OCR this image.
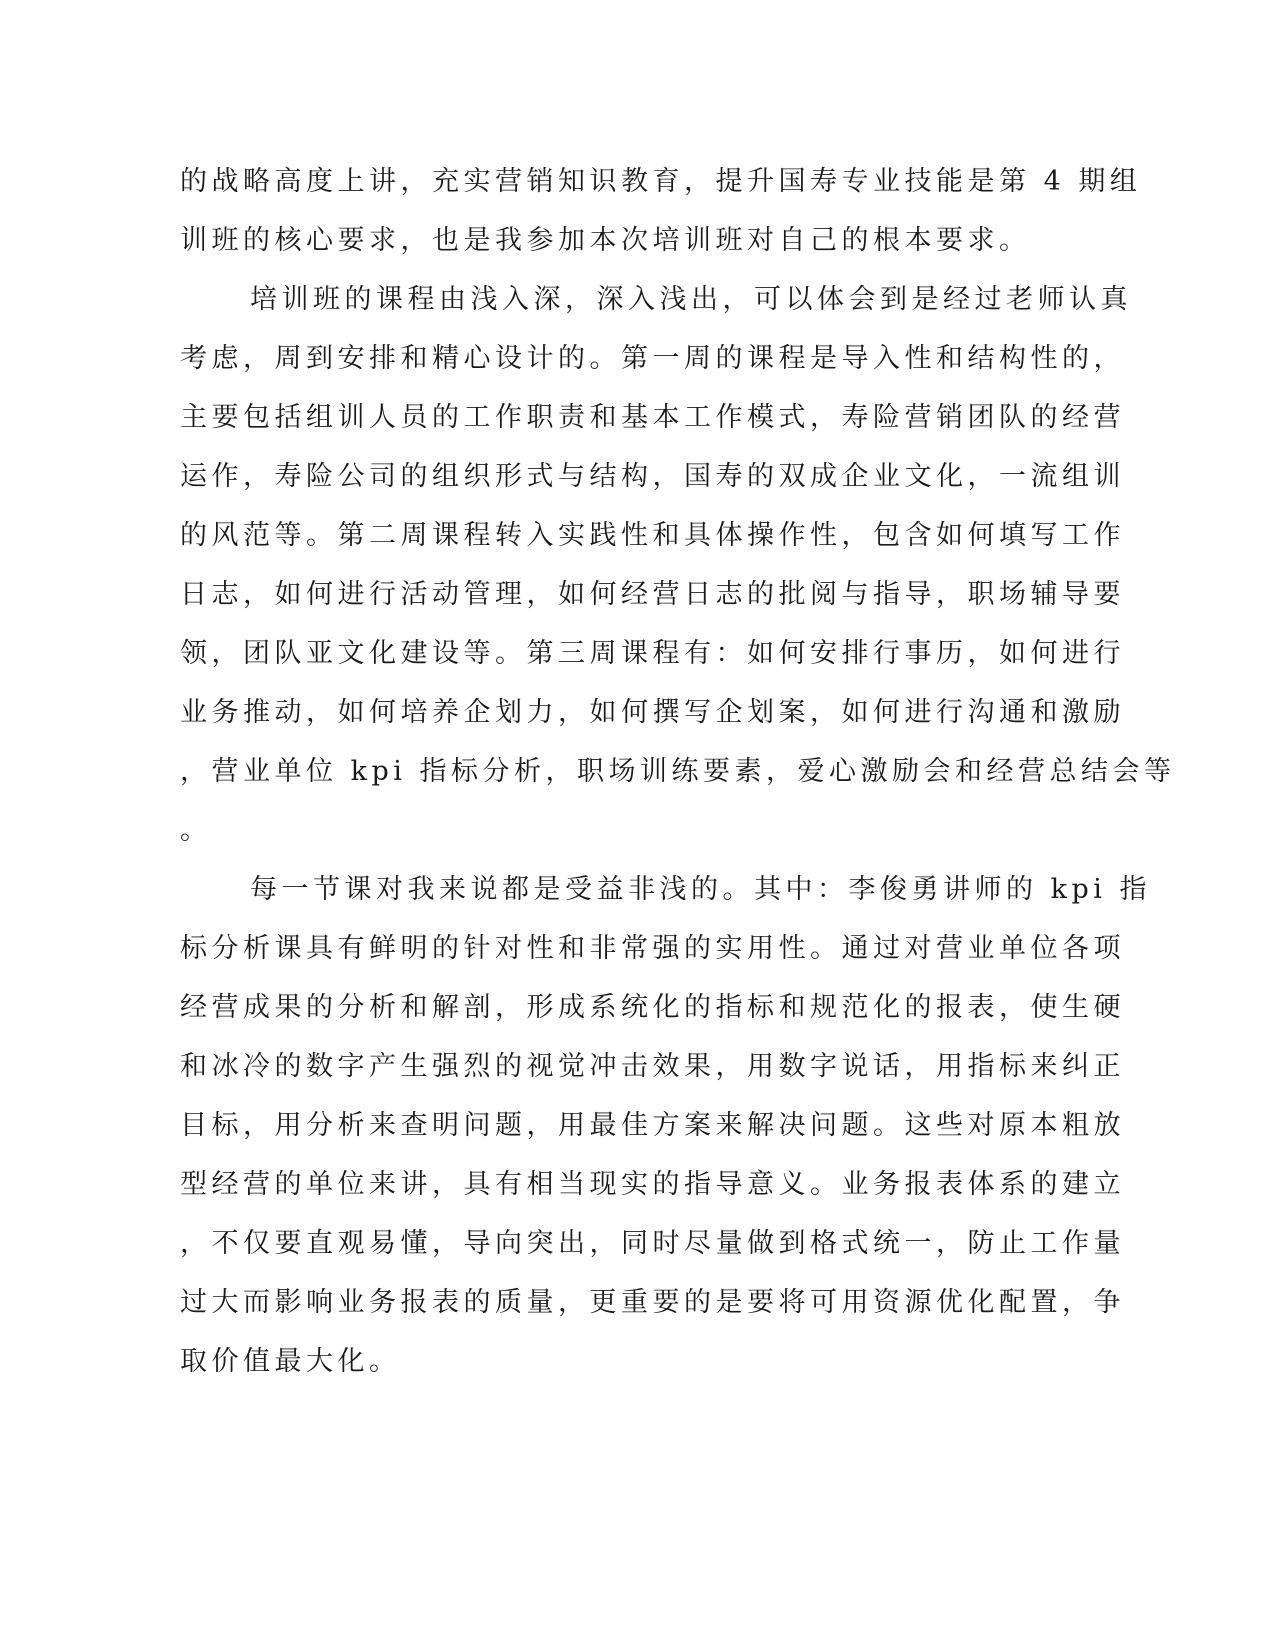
的战略高度上讲，充实营销知识教育，提升国寿专业技能是第 4 期组

训班的核心要求，也是我参加本次培训班对自己的根本要求。

培训班的课程由浅入深，深入浅出，可以体会到是经过老师认真

考虑，周到安排和精心设计的。第一周的课程是导入性和结构性的，

主要包括组训人员的工作职责和基本工作模式，寿险营销团队的经营

运作，寿险公司的组织形式与结构，国寿的双成企业文化，一流组训

的风范等。第二周课程转入实践性和具体操作性，包含如何填写工作

日志，如何进行活动管理，如何经营日志的批阅与指导，职场辅导要

领，团队亚文化建设等。第三周课程有：如何安排行事历，如何进行

业务推动，如何培养企划力，如何撰写企划案，如何进行沟通和激励

，营业单位 kpi 指标分析，职场训练要素，爱心激励会和经营总结会等

。

每一节课对我来说都是受益非浅的。其中：李俊勇讲师的 kpi 指

标分析课具有鲜明的针对性和非常强的实用性。通过对营业单位各项

经营成果的分析和解剖，形成系统化的指标和规范化的报表，使生硬

和冰冷的数字产生强烈的视觉冲击效果，用数字说话，用指标来纠正

目标，用分析来查明问题，用最佳方案来解决问题。这些对原本粗放

型经营的单位来讲，具有相当现实的指导意义。业务报表体系的建立

，不仅要直观易懂，导向突出，同时尽量做到格式统一，防止工作量

过大而影响业务报表的质量，更重要的是要将可用资源优化配置，争

取价值最大化。
